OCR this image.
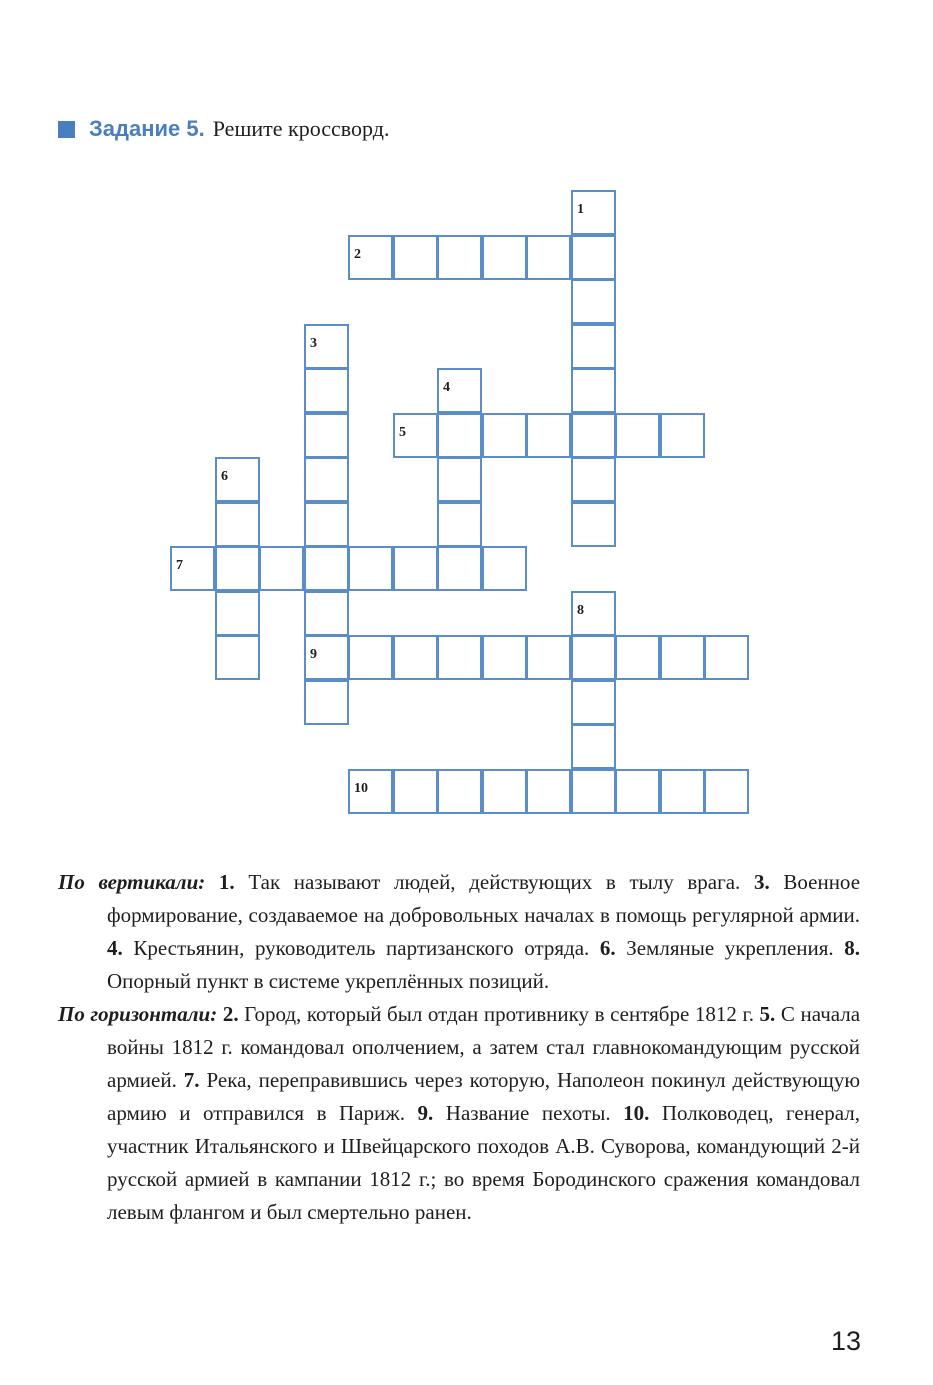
Задание 5. Решите кроссворд.
1
2
3
9
4
5
6
7
8
10

По вертикали: 1. Так называют людей, действующих в тылу врага. 3. Военное формирование, создаваемое на добровольных началах в помощь регулярной армии. 4. Крестьянин, руководитель партизанского отряда. 6. Земляные укрепления. 8. Опорный пункт в системе укреплённых позиций.

По горизонтали: 2. Город, который был отдан противнику в сентябре 1812 г. 5. С начала войны 1812 г. командовал ополчением, а затем стал главнокомандующим русской армией. 7. Река, переправившись через которую, Наполеон покинул действующую армию и отправился в Париж. 9. Название пехоты. 10. Полководец, генерал, участник Итальянского и Швейцарского походов А.В. Суворова, командующий 2-й русской армией в кампании 1812 г.; во время Бородинского сражения командовал левым флангом и был смертельно ранен.

13
